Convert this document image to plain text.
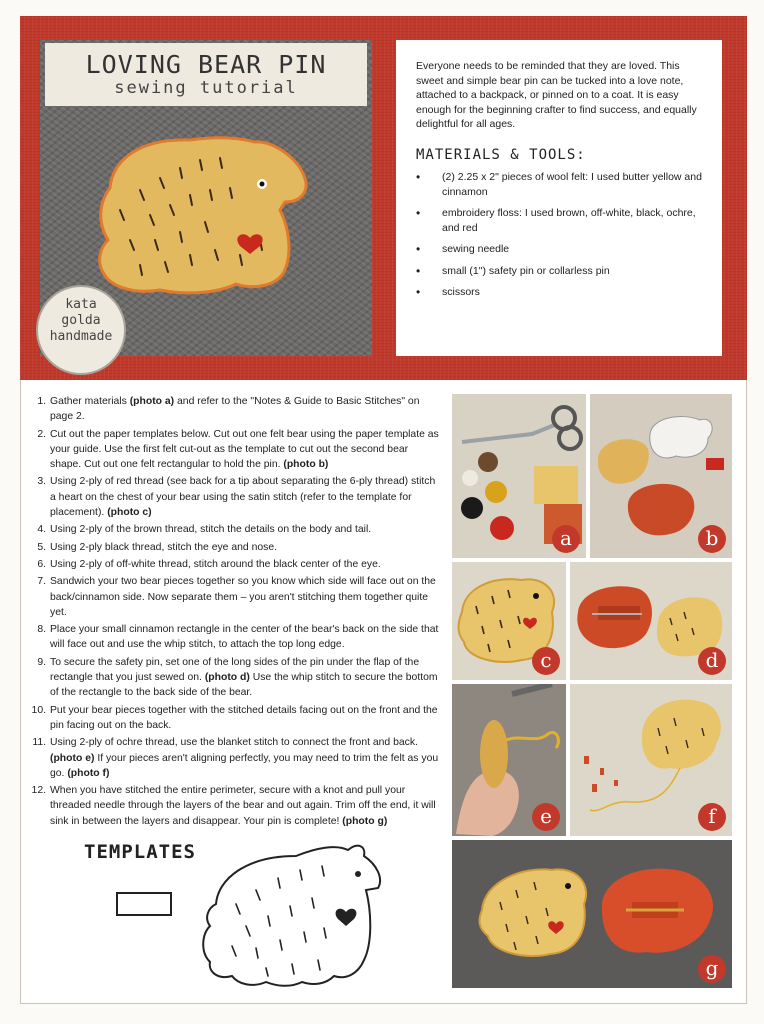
LOVING BEAR PIN
sewing tutorial
kata
golda
handmade

Everyone needs to be reminded that they are loved. This sweet and simple bear pin can be tucked into a love note, attached to a backpack, or pinned on to a coat. It is easy enough for the beginning crafter to find success, and equally delightful for all ages.

MATERIALS & TOOLS:
• (2) 2.25 x 2" pieces of wool felt: I used butter yellow and cinnamon
• embroidery floss: I used brown, off-white, black, ochre, and red
• sewing needle
• small (1") safety pin or collarless pin
• scissors
1. Gather materials (photo a) and refer to the "Notes & Guide to Basic Stitches" on page 2.
2. Cut out the paper templates below. Cut out one felt bear using the paper template as your guide. Use the first felt cut-out as the template to cut out the second bear shape. Cut out one felt rectangular to hold the pin. (photo b)
3. Using 2-ply of red thread (see back for a tip about separating the 6-ply thread) stitch a heart on the chest of your bear using the satin stitch (refer to the template for placement). (photo c)
4. Using 2-ply of the brown thread, stitch the details on the body and tail.
5. Using 2-ply black thread, stitch the eye and nose.
6. Using 2-ply of off-white thread, stitch around the black center of the eye.
7. Sandwich your two bear pieces together so you know which side will face out on the back/cinnamon side. Now separate them – you aren't stitching them together quite yet.
8. Place your small cinnamon rectangle in the center of the bear's back on the side that will face out and use the whip stitch, to attach the top long edge.
9. To secure the safety pin, set one of the long sides of the pin under the flap of the rectangle that you just sewed on. (photo d) Use the whip stitch to secure the bottom of the rectangle to the back side of the bear.
10. Put your bear pieces together with the stitched details facing out on the front and the pin facing out on the back.
11. Using 2-ply of ochre thread, use the blanket stitch to connect the front and back. (photo e) If your pieces aren't aligning perfectly, you may need to trim the felt as you go. (photo f)
12. When you have stitched the entire perimeter, secure with a knot and pull your threaded needle through the layers of the bear and out again. Trim off the end, it will sink in between the layers and disappear. Your pin is complete! (photo g)
TEMPLATES
a	b
c	d
e	f
g
